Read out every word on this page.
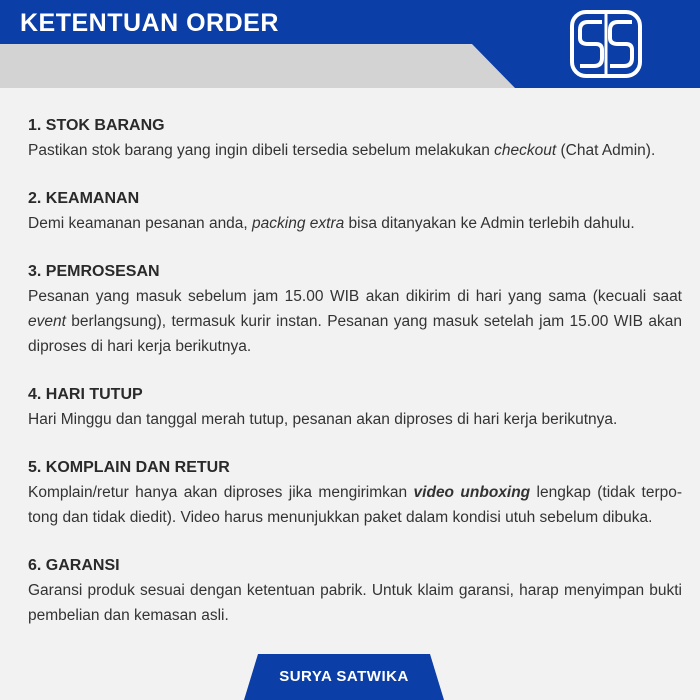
KETENTUAN ORDER
1. STOK BARANG
Pastikan stok barang yang ingin dibeli tersedia sebelum melakukan checkout (Chat Admin).
2. KEAMANAN
Demi keamanan pesanan anda, packing extra bisa ditanyakan ke Admin terlebih dahulu.
3. PEMROSESAN
Pesanan yang masuk sebelum jam 15.00 WIB akan dikirim di hari yang sama (kecuali saat event berlangsung), termasuk kurir instan. Pesanan yang masuk setelah jam 15.00 WIB akan diproses di hari kerja berikutnya.
4. HARI TUTUP
Hari Minggu dan tanggal merah tutup, pesanan akan diproses di hari kerja berikutnya.
5. KOMPLAIN DAN RETUR
Komplain/retur hanya akan diproses jika mengirimkan video unboxing lengkap (tidak terpo-tong dan tidak diedit). Video harus menunjukkan paket dalam kondisi utuh sebelum dibuka.
6. GARANSI
Garansi produk sesuai dengan ketentuan pabrik. Untuk klaim garansi, harap menyimpan bukti pembelian dan kemasan asli.
SURYA SATWIKA
